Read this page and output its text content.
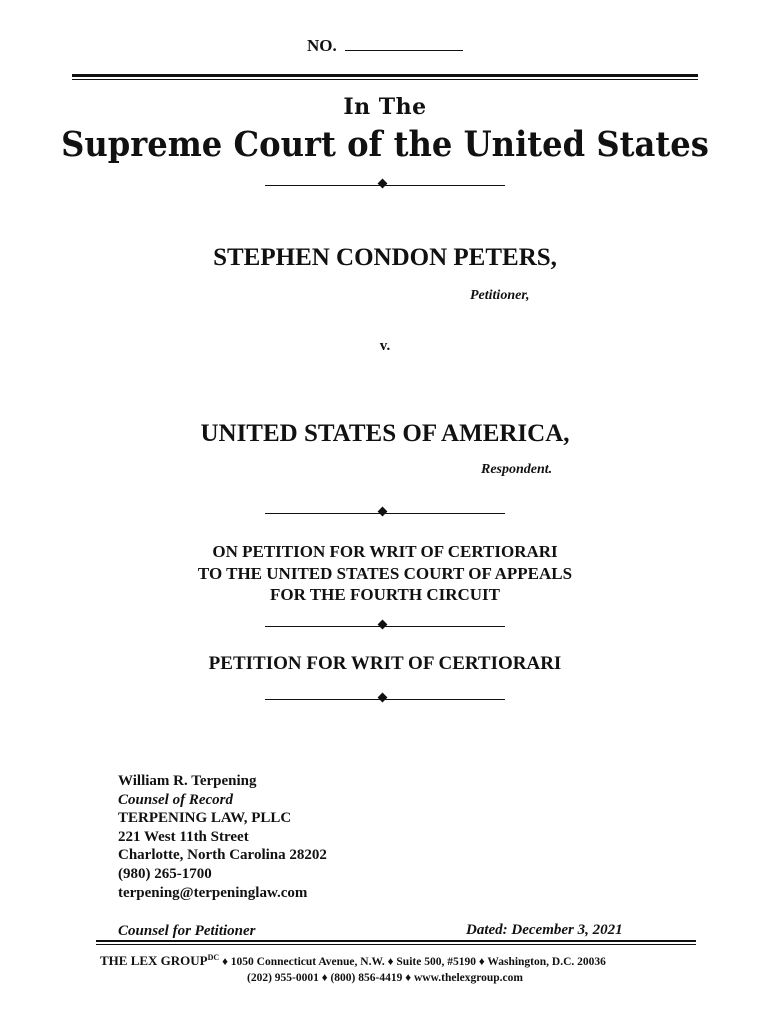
NO.
In The
Supreme Court of the United States
STEPHEN CONDON PETERS,
Petitioner,
v.
UNITED STATES OF AMERICA,
Respondent.
ON PETITION FOR WRIT OF CERTIORARI
TO THE UNITED STATES COURT OF APPEALS
FOR THE FOURTH CIRCUIT
PETITION FOR WRIT OF CERTIORARI
William R. Terpening
Counsel of Record
TERPENING LAW, PLLC
221 West 11th Street
Charlotte, North Carolina 28202
(980) 265-1700
terpening@terpeninglaw.com
Counsel for Petitioner	Dated: December 3, 2021
THE LEX $GROUP^{DC}$ ♦ 1050 Connecticut Avenue, N.W. ♦ Suite 500, #5190 ♦ Washington, D.C. 20036
(202) 955-0001 ♦ (800) 856-4419 ♦ www.thelexgroup.com
